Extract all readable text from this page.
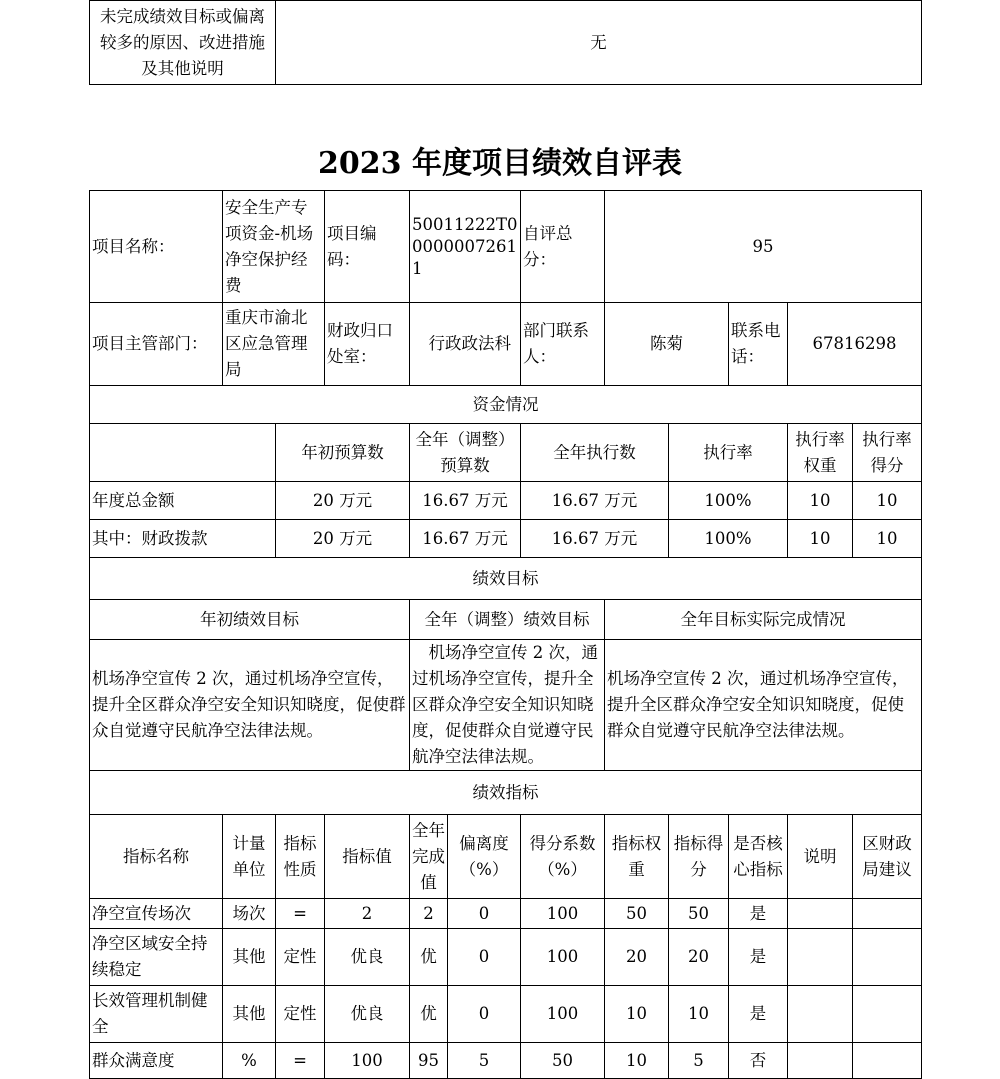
未完成绩效目标或偏离较多的原因、改进措施及其他说明	无
2023 年度项目绩效自评表
项目名称：	安全生产专项资金-机场净空保护经费		项目编码：	50011222T000000072611		自评总分：	95				
项目主管部门：	重庆市渝北区应急管理局		财政归口处室：	行政政法科		部门联系人：	陈菊		联系电话：	67816298	
资金情况											
		年初预算数		全年（调整）预算数		全年执行数		执行率		执行率权重	执行率得分
年度总金额		20 万元		16.67 万元		16.67 万元		100%		10	10
其中：财政拨款		20 万元		16.67 万元		16.67 万元		100%		10	10
绩效目标											
年初绩效目标				全年（调整）绩效目标			全年目标实际完成情况				
机场净空宣传 2 次，通过机场净空宣传，提升全区群众净空安全知识知晓度，促使群众自觉遵守民航净空法律法规。				机场净空宣传 2 次，通过机场净空宣传，提升全区群众净空安全知识知晓度，促使群众自觉遵守民航净空法律法规。			机场净空宣传 2 次，通过机场净空宣传，提升全区群众净空安全知识知晓度，促使群众自觉遵守民航净空法律法规。				
绩效指标											
指标名称	计量单位	指标性质	指标值	全年完成值	偏离度（%）	得分系数（%）	指标权重	指标得分	是否核心指标	说明	区财政局建议
净空宣传场次	场次	=	2	2	0	100	50	50	是		
净空区域安全持续稳定	其他	定性	优良	优	0	100	20	20	是		
长效管理机制健全	其他	定性	优良	优	0	100	10	10	是		
群众满意度	%	=	100	95	5	50	10	5	否		
